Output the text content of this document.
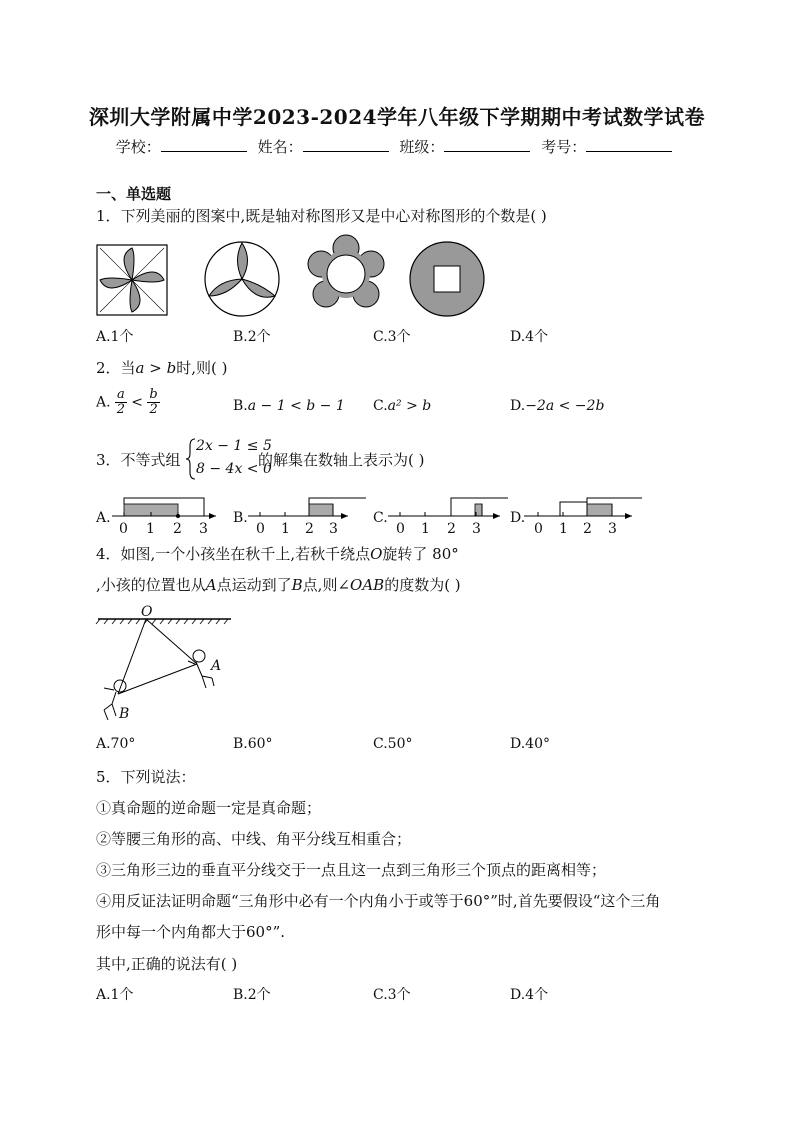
深圳大学附属中学2023-2024学年八年级下学期期中考试数学试卷
学校：	姓名：	班级：	考号：
一、单选题
1．下列美丽的图案中,既是轴对称图形又是中心对称图形的个数是( )
A.1个	B.2个	C.3个	D.4个
2．当a > b时,则( )
A. $\frac{a}{2} < \frac{b}{2}$	B.a − 1 < b − 1 C.a² > b	D.−2a < −2b
3．不等式组
2x − 1 ≤ 5
8 − 4x < 0
的解集在数轴上表示为( )
A.
0 1 2 3
B.
0 1 2 3
C.
0 1 2 3
D.
0 1 2 3
4．如图,一个小孩坐在秋千上,若秋千绕点O旋转了 80°
,小孩的位置也从A点运动到了B点,则∠OAB的度数为( )
O
A
B
A.70°	B.60°	C.50°	D.40°
5．下列说法：
①真命题的逆命题一定是真命题；
②等腰三角形的高、中线、角平分线互相重合；
③三角形三边的垂直平分线交于一点且这一点到三角形三个顶点的距离相等；
④用反证法证明命题“三角形中必有一个内角小于或等于60°”时,首先要假设“这个三角
形中每一个内角都大于60°”.
其中,正确的说法有( )
A.1个	B.2个	C.3个	D.4个
